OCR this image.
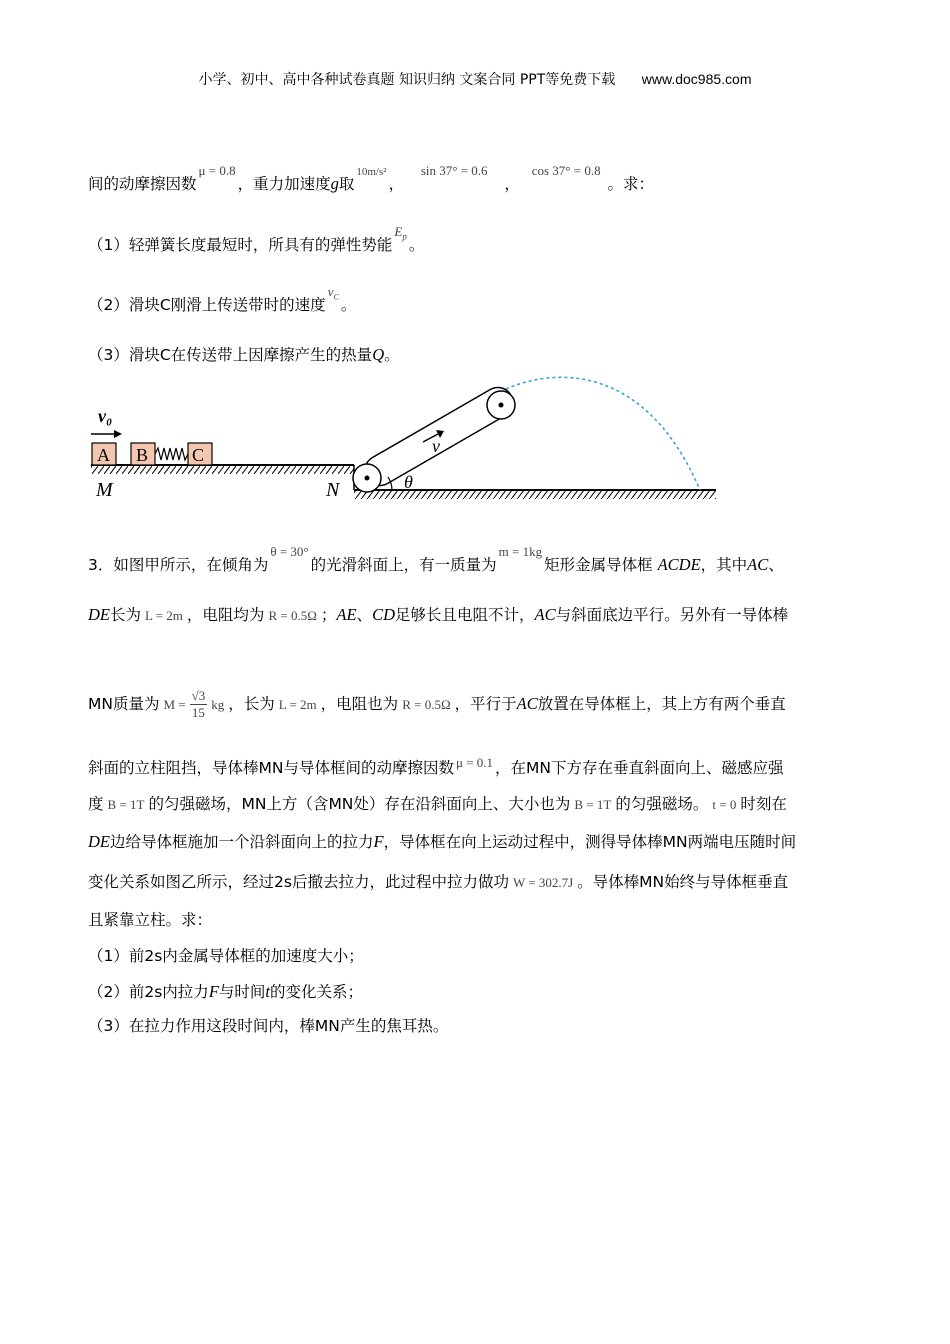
小学、初中、高中各种试卷真题 知识归纳 文案合同 PPT等免费下载 www.doc985.com
间的动摩擦因数$^{\mu = 0.8}$，重力加速度g取$^{10m/s^2}$，   $^{sin 37^\circ = 0.6}$   ，  $^{cos 37^\circ = 0.8}$ 。求：
（1）轻弹簧长度最短时，所具有的弹性势能$^{E_p}$ 。
（2）滑块C刚滑上传送带时的速度$^{v_C}$ 。
（3）滑块C在传送带上因摩擦产生的热量Q。
v₀
A B C
M	N
v
θ
3．如图甲所示，在倾角为$^{\theta = 30^\circ}$的光滑斜面上，有一质量为$^{m = 1kg}$矩形金属导体框 ACDE，其中AC、
DE长为 L = 2m ，电阻均为 R = 0.5Ω ；AE、CD足够长且电阻不计，AC与斜面底边平行。另外有一导体棒
MN质量为 $M = \frac{√3}{15}$ kg ，长为 L = 2m ，电阻也为 R = 0.5Ω ，平行于AC放置在导体框上，其上方有两个垂直
斜面的立柱阻挡，导体棒MN与导体框间的动摩擦因数 $^{\mu = 0.1}$ ，在MN下方存在垂直斜面向上、磁感应强
度 B = 1T 的匀强磁场，MN上方（含MN处）存在沿斜面向上、大小也为 B = 1T 的匀强磁场。 t = 0 时刻在
DE边给导体框施加一个沿斜面向上的拉力F，导体框在向上运动过程中，测得导体棒MN两端电压随时间
变化关系如图乙所示，经过2s后撤去拉力，此过程中拉力做功 W = 302.7J 。导体棒MN始终与导体框垂直
且紧靠立柱。求：
（1）前2s内金属导体框的加速度大小；
（2）前2s内拉力F与时间t的变化关系；
（3）在拉力作用这段时间内，棒MN产生的焦耳热。
